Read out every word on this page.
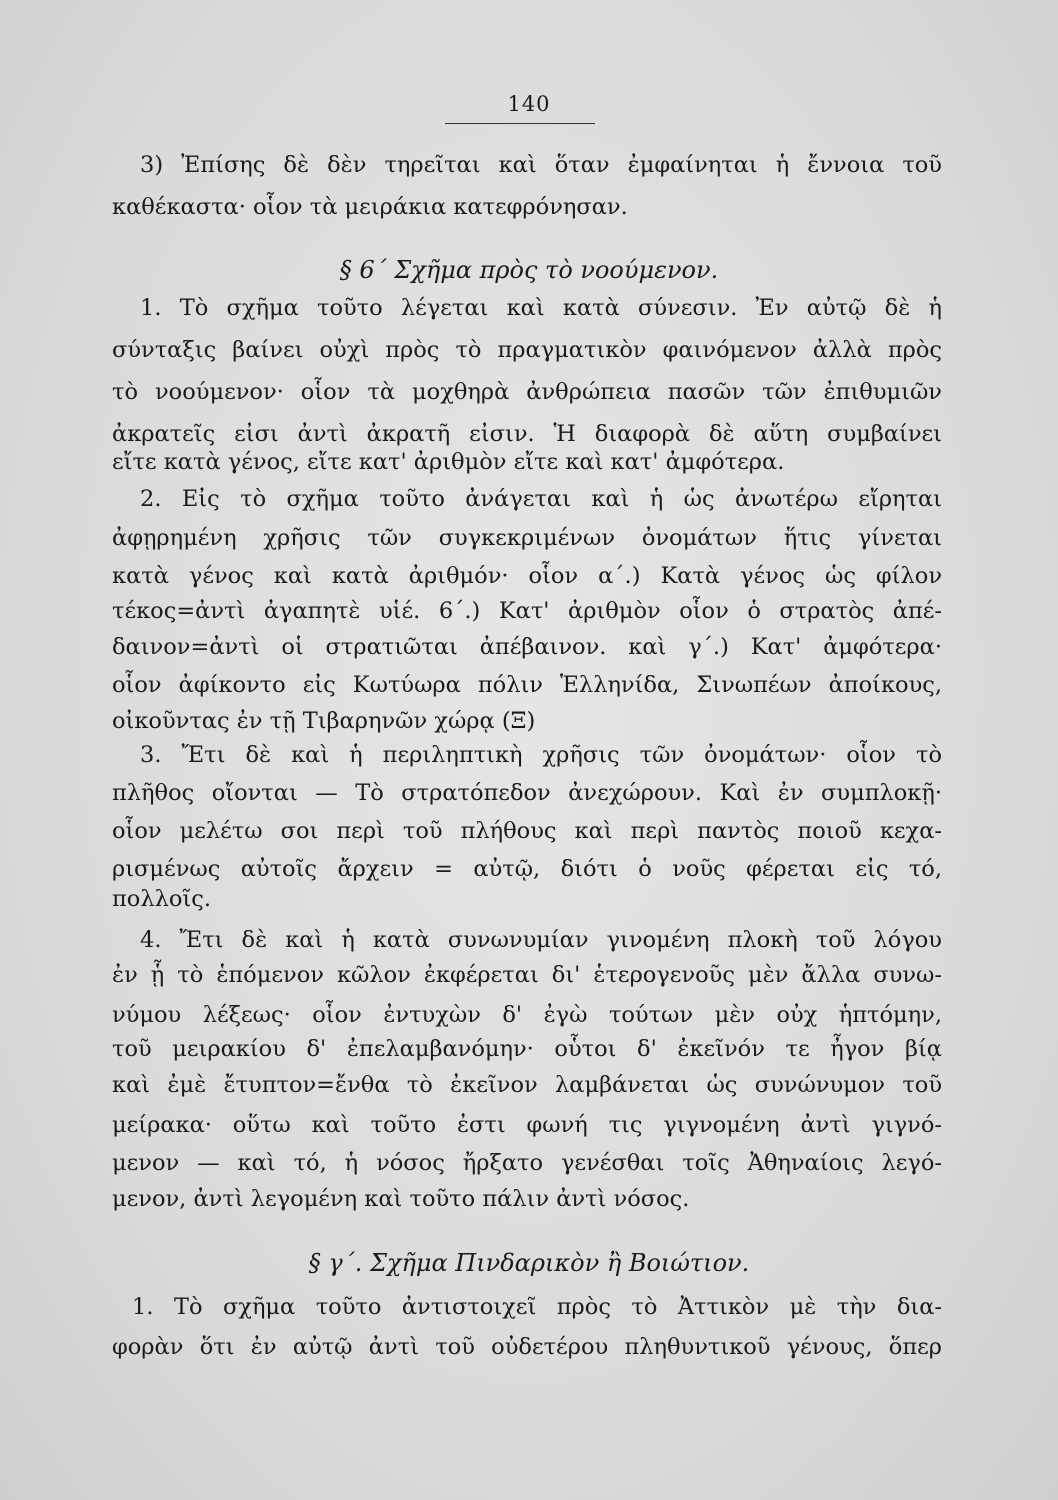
140
3) Ἐπίσης δὲ δὲν τηρεῖται καὶ ὅταν ἐμφαίνηται ἡ ἔννοια τοῦ
καθέκαστα· οἷον τὰ μειράκια κατεφρόνησαν.
§ 6΄ Σχῆμα πρὸς τὸ νοούμενον.
1. Τὸ σχῆμα τοῦτο λέγεται καὶ κατὰ σύνεσιν. Ἐν αὐτῷ δὲ ἡ
σύνταξις βαίνει οὐχὶ πρὸς τὸ πραγματικὸν φαινόμενον ἀλλὰ πρὸς
τὸ νοούμενον· οἷον τὰ μοχθηρὰ ἀνθρώπεια πασῶν τῶν ἐπιθυμιῶν
ἀκρατεῖς εἰσι ἀντὶ ἀκρατῆ εἰσιν. Ἡ διαφορὰ δὲ αὕτη συμβαίνει
εἴτε κατὰ γένος, εἴτε κατ' ἀριθμὸν εἴτε καὶ κατ' ἀμφότερα.
2. Εἰς τὸ σχῆμα τοῦτο ἀνάγεται καὶ ἡ ὡς ἀνωτέρω εἴρηται
ἀφῃρημένη χρῆσις τῶν συγκεκριμένων ὀνομάτων ἥτις γίνεται
κατὰ γένος καὶ κατὰ ἀριθμόν· οἷον α΄.) Κατὰ γένος ὡς φίλον
τέκος=ἀντὶ ἀγαπητὲ υἱέ. 6΄.) Κατ' ἀριθμὸν οἷον ὁ στρατὸς ἀπέ-
δαινον=ἀντὶ οἱ στρατιῶται ἀπέβαινον. καὶ γ΄.) Κατ' ἀμφότερα·
οἷον ἀφίκοντο εἰς Κωτύωρα πόλιν Ἑλληνίδα, Σινωπέων ἀποίκους,
οἰκοῦντας ἐν τῇ Τιβαρηνῶν χώρᾳ (Ξ)
3. Ἔτι δὲ καὶ ἡ περιληπτικὴ χρῆσις τῶν ὀνομάτων· οἷον τὸ
πλῆθος οἴονται — Τὸ στρατόπεδον ἀνεχώρουν. Καὶ ἐν συμπλοκῇ·
οἷον μελέτω σοι περὶ τοῦ πλήθους καὶ περὶ παντὸς ποιοῦ κεχα-
ρισμένως αὐτοῖς ἄρχειν = αὐτῷ, διότι ὁ νοῦς φέρεται εἰς τό,
πολλοῖς.
4. Ἔτι δὲ καὶ ἡ κατὰ συνωνυμίαν γινομένη πλοκὴ τοῦ λόγου
ἐν ᾗ τὸ ἑπόμενον κῶλον ἐκφέρεται δι' ἑτερογενοῦς μὲν ἄλλα συνω-
νύμου λέξεως· οἷον ἐντυχὼν δ' ἐγὼ τούτων μὲν οὐχ ἡπτόμην,
τοῦ μειρακίου δ' ἐπελαμβανόμην· οὗτοι δ' ἐκεῖνόν τε ἦγον βίᾳ
καὶ ἐμὲ ἔτυπτον=ἔνθα τὸ ἐκεῖνον λαμβάνεται ὡς συνώνυμον τοῦ
μείρακα· οὕτω καὶ τοῦτο ἐστι φωνή τις γιγνομένη ἀντὶ γιγνό-
μενον — καὶ τό, ἡ νόσος ἤρξατο γενέσθαι τοῖς Ἀθηναίοις λεγό-
μενον, ἀντὶ λεγομένη καὶ τοῦτο πάλιν ἀντὶ νόσος.
§ γ΄. Σχῆμα Πινδαρικὸν ἢ Βοιώτιον.
1. Τὸ σχῆμα τοῦτο ἀντιστοιχεῖ πρὸς τὸ Ἀττικὸν μὲ τὴν δια-
φορὰν ὅτι ἐν αὐτῷ ἀντὶ τοῦ οὐδετέρου πληθυντικοῦ γένους, ὅπερ
